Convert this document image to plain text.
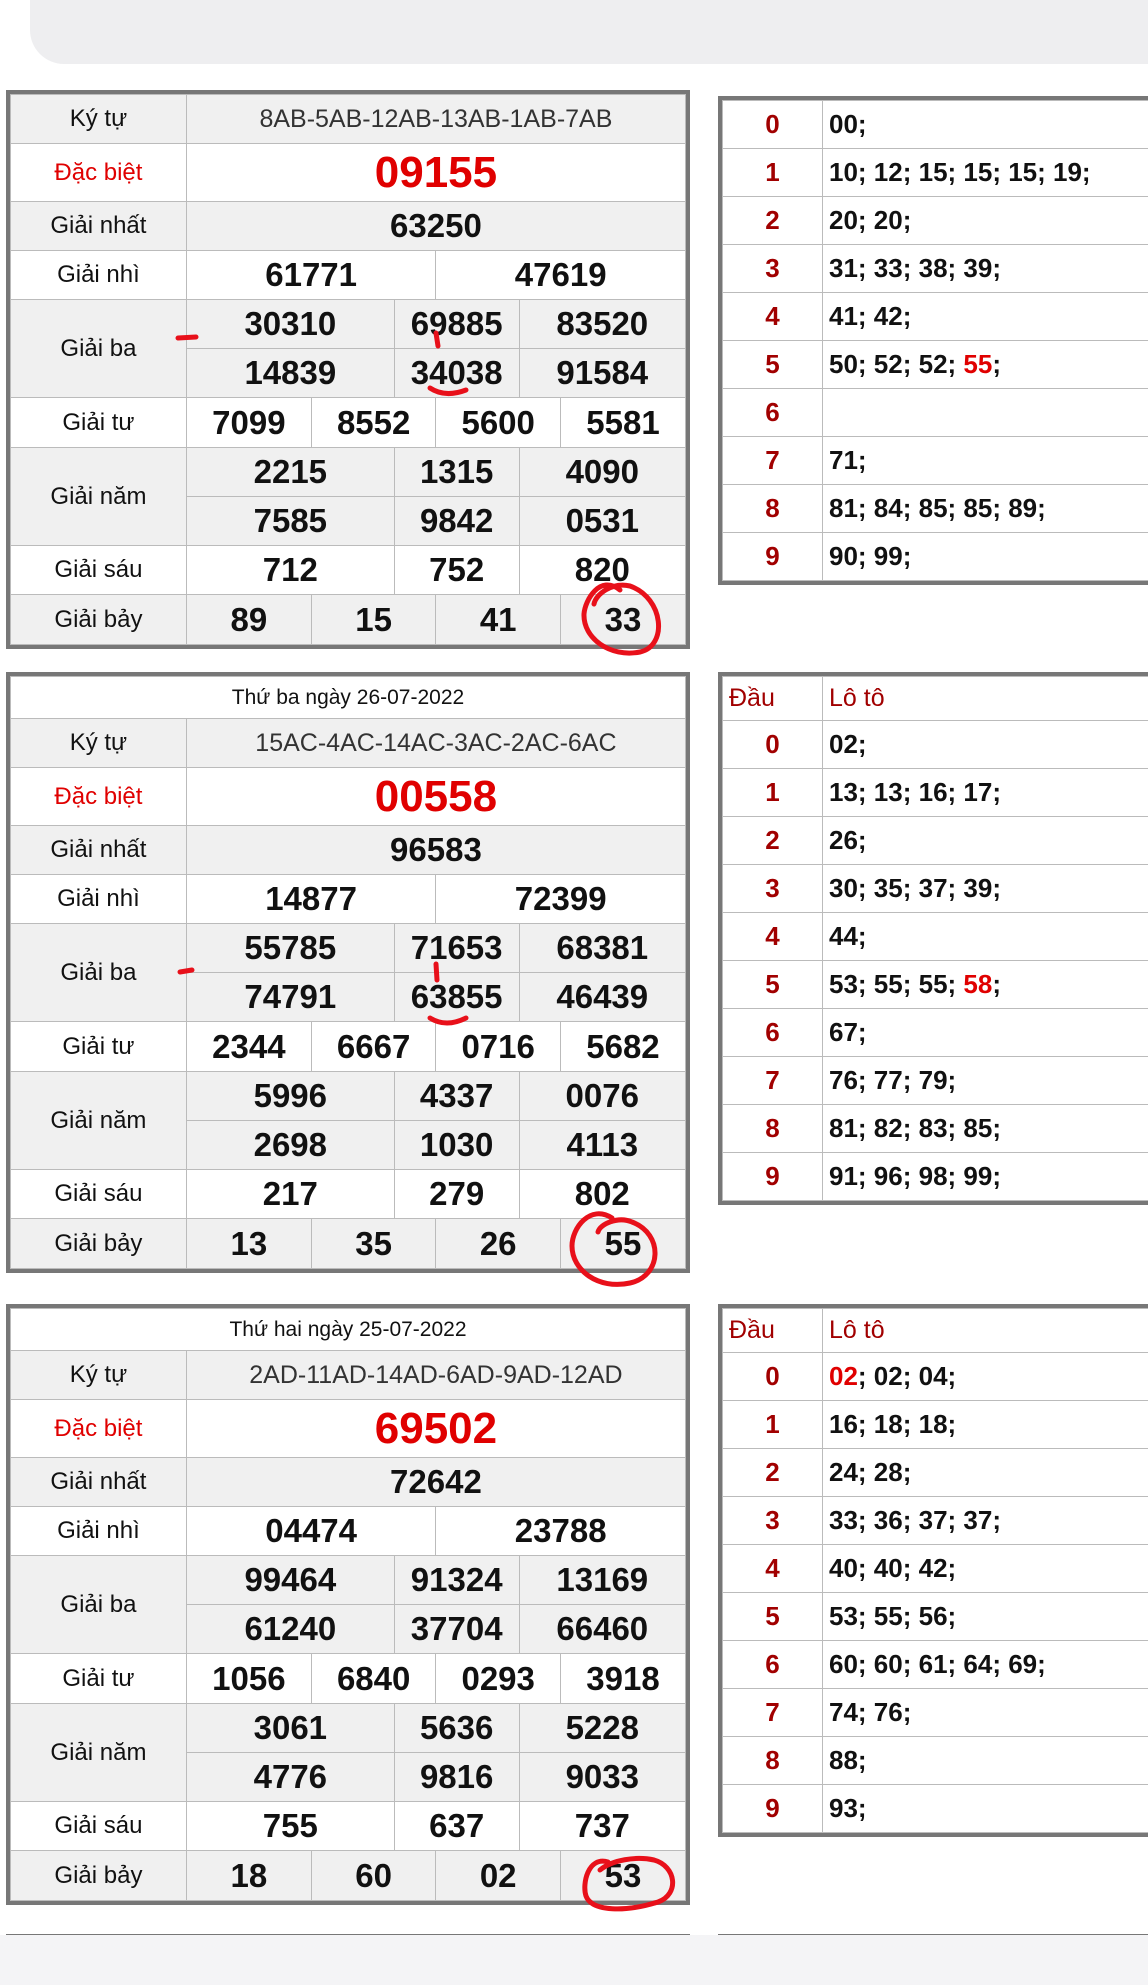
Ký tự	8AB-5AB-12AB-13AB-1AB-7AB
Đặc biệt	09155
Giải nhất	63250
Giải nhì	61771	47619
Giải ba	30310	69885	83520
14839	34038	91584
Giải tư	7099	8552	5600	5581

Giải năm	2215	1315	4090
7585	9842	0531
Giải sáu	712	752	820
Giải bảy		89	15	41	33
Thứ ba ngày 26-07-2022
Ký tự	15AC-4AC-14AC-3AC-2AC-6AC
Đặc biệt	00558
Giải nhất	96583
Giải nhì	14877	72399
Giải ba	55785	71653	68381
74791	63855	46439
Giải tư	2344	6667	0716	5682

Giải năm	5996	4337	0076
2698	1030	4113
Giải sáu	217	279	802
Giải bảy		13	35	26	55
Thứ hai ngày 25-07-2022
Ký tự	2AD-11AD-14AD-6AD-9AD-12AD
Đặc biệt	69502
Giải nhất	72642
Giải nhì	04474	23788
Giải ba	99464	91324	13169
61240	37704	66460
Giải tư	1056	6840	0293	3918

Giải năm	3061	5636	5228
4776	9816	9033
Giải sáu	755	637	737
Giải bảy		18	60	02	53
0	00;
1	10; 12; 15; 15; 15; 19;
2	20; 20;
3	31; 33; 38; 39;
4	41; 42;
5	50; 52; 52; 55;
6	
7	71;
8	81; 84; 85; 85; 89;
9	90; 99;
Đầu	Lô tô
0	02;
1	13; 13; 16; 17;
2	26;
3	30; 35; 37; 39;
4	44;
5	53; 55; 55; 58;
6	67;
7	76; 77; 79;
8	81; 82; 83; 85;
9	91; 96; 98; 99;
Đầu	Lô tô
0	02; 02; 04;
1	16; 18; 18;
2	24; 28;
3	33; 36; 37; 37;
4	40; 40; 42;
5	53; 55; 56;
6	60; 60; 61; 64; 69;
7	74; 76;
8	88;
9	93;
